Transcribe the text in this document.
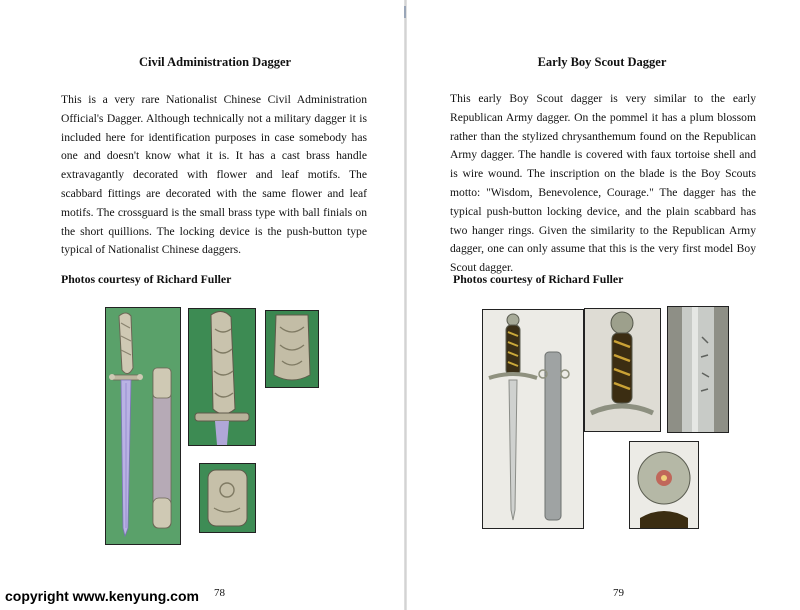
Civil Administration Dagger

This is a very rare Nationalist Chinese Civil Administration Official's Dagger. Although technically not a military dagger it is included here for identification purposes in case somebody has one and doesn't know what it is. It has a cast brass handle extravagantly decorated with flower and leaf motifs. The scabbard fittings are decorated with the same flower and leaf motifs. The crossguard is the small brass type with ball finials on the short quillions. The locking device is the push-button type typical of Nationalist Chinese daggers.

Photos courtesy of Richard Fuller
78
Early Boy Scout Dagger

This early Boy Scout dagger is very similar to the early Republican Army dagger. On the pommel it has a plum blossom rather than the stylized chrysanthemum found on the Republican Army dagger. The handle is covered with faux tortoise shell and is wire wound. The inscription on the blade is the Boy Scouts motto: "Wisdom, Benevolence, Courage." The dagger has the typical push-button locking device, and the plain scabbard has two hanger rings. Given the similarity to the Republican Army dagger, one can only assume that this is the very first model Boy Scout dagger.

Photos courtesy of Richard Fuller
79
copyright www.kenyung.com
